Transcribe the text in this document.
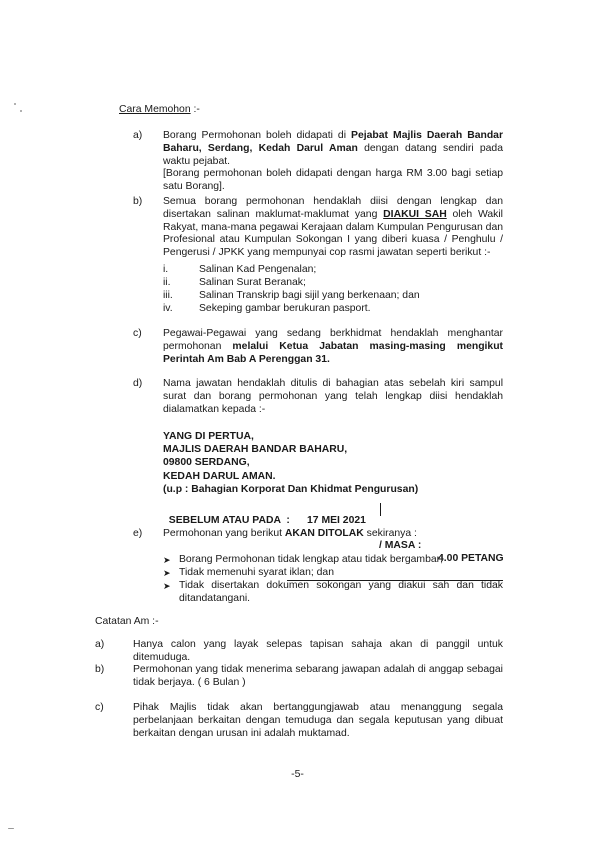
Cara Memohon :-

a) Borang Permohonan boleh didapati di Pejabat Majlis Daerah Bandar Baharu, Serdang, Kedah Darul Aman dengan datang sendiri pada waktu pejabat.

[Borang permohonan boleh didapati dengan harga RM 3.00 bagi setiap satu Borang].

b) Semua borang permohonan hendaklah diisi dengan lengkap dan disertakan salinan maklumat-maklumat yang DIAKUI SAH oleh Wakil Rakyat, mana-mana pegawai Kerajaan dalam Kumpulan Pengurusan dan Profesional atau Kumpulan Sokongan I yang diberi kuasa / Penghulu / Pengerusi / JPKK yang mempunyai cop rasmi jawatan seperti berikut :-

i.	Salinan Kad Pengenalan;
ii.	Salinan Surat Beranak;
iii.	Salinan Transkrip bagi sijil yang berkenaan; dan
iv.	Sekeping gambar berukuran pasport.
c) Pegawai-Pegawai yang sedang berkhidmat hendaklah menghantar permohonan melalui Ketua Jabatan masing-masing mengikut Perintah Am Bab A Perenggan 31.

d) Nama jawatan hendaklah ditulis di bahagian atas sebelah kiri sampul surat dan borang permohonan yang telah lengkap diisi hendaklah dialamatkan kepada :-

YANG DI PERTUA,

MAJLIS DAERAH BANDAR BAHARU,

09800 SERDANG,

KEDAH DARUL AMAN.

(u.p : Bahagian Korporat Dan Khidmat Pengurusan)

SEBELUM ATAU PADA  :

17 MEI 2021

/ MASA :

4.00 PETANG

e) Permohonan yang berikut AKAN DITOLAK sekiranya :

➤ Borang Permohonan tidak lengkap atau tidak bergambar;

➤ Tidak memenuhi syarat iklan; dan

➤ Tidak disertakan dokumen sokongan yang diakui sah dan tidak ditandatangani.

Catatan Am :-

a)	Hanya calon yang layak selepas tapisan sahaja akan di panggil untuk ditemuduga.

b)	Permohonan yang tidak menerima sebarang jawapan adalah di anggap sebagai tidak berjaya. ( 6 Bulan )

c)	Pihak Majlis tidak akan bertanggungjawab atau menanggung segala perbelanjaan berkaitan dengan temuduga dan segala keputusan yang dibuat berkaitan dengan urusan ini adalah muktamad.

-5-
